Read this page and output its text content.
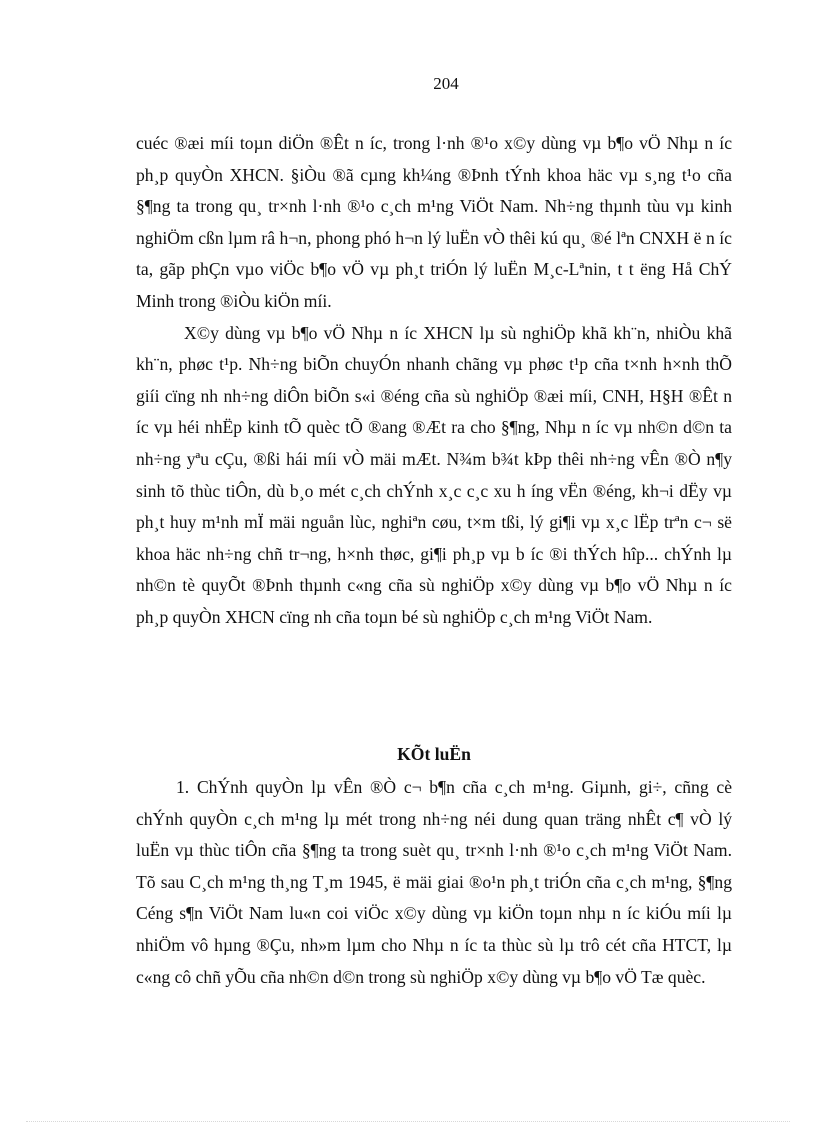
204

cuéc ®æi míi toµn diÖn ®Êt n íc, trong l·nh ®¹o x©y dùng vµ b¶o vÖ Nhµ n íc ph¸p quyÒn XHCN. §iÒu ®ã cµng kh¼ng ®Þnh tÝnh khoa häc vµ s¸ng t¹o cña §¶ng ta trong qu¸ tr×nh l·nh ®¹o c¸ch m¹ng ViÖt Nam. Nh÷ng thµnh tùu vµ kinh nghiÖm cßn lµm râ h¬n, phong phó h¬n lý luËn vÒ thêi kú qu¸ ®é lªn CNXH ë n íc ta, gãp phÇn vµo viÖc b¶o vÖ vµ ph¸t triÓn lý luËn M¸c-Lªnin, t t ëng Hå ChÝ Minh trong ®iÒu kiÖn míi.

X©y dùng vµ b¶o vÖ Nhµ n íc XHCN lµ sù nghiÖp khã kh¨n, nhiÒu khã kh¨n, phøc t¹p. Nh÷ng biÕn chuyÓn nhanh chãng vµ phøc t¹p cña t×nh h×nh thÕ giíi cïng nh nh÷ng diÔn biÕn s«i ®éng cña sù nghiÖp ®æi míi, CNH, H§H ®Êt n íc vµ héi nhËp kinh tÕ quèc tÕ ®ang ®Æt ra cho §¶ng, Nhµ n íc vµ nh©n d©n ta nh÷ng yªu cÇu, ®ßi hái míi vÒ mäi mÆt. N¾m b¾t kÞp thêi nh÷ng vÊn ®Ò n¶y sinh tõ thùc tiÔn, dù b¸o mét c¸ch chÝnh x¸c c¸c xu h íng vËn ®éng, kh¬i dËy vµ ph¸t huy m¹nh mÏ mäi nguån lùc, nghiªn cøu, t×m tßi, lý gi¶i vµ x¸c lËp trªn c¬ së khoa häc nh÷ng chñ tr¬ng, h×nh thøc, gi¶i ph¸p vµ b íc ®i thÝch hîp... chÝnh lµ nh©n tè quyÕt ®Þnh thµnh c«ng cña sù nghiÖp x©y dùng vµ b¶o vÖ Nhµ n íc ph¸p quyÒn XHCN cïng nh cña toµn bé sù nghiÖp c¸ch m¹ng ViÖt Nam.

KÕt luËn

1. ChÝnh quyÒn lµ vÊn ®Ò c¬ b¶n cña c¸ch m¹ng. Giµnh, gi÷, cñng cè chÝnh quyÒn c¸ch m¹ng lµ mét trong nh÷ng néi dung quan träng nhÊt c¶ vÒ lý luËn vµ thùc tiÔn cña §¶ng ta trong suèt qu¸ tr×nh l·nh ®¹o c¸ch m¹ng ViÖt Nam. Tõ sau C¸ch m¹ng th¸ng T¸m 1945, ë mäi giai ®o¹n ph¸t triÓn cña c¸ch m¹ng, §¶ng Céng s¶n ViÖt Nam lu«n coi viÖc x©y dùng vµ kiÖn toµn nhµ n íc kiÓu míi lµ nhiÖm vô hµng ®Çu, nh»m lµm cho Nhµ n íc ta thùc sù lµ trô cét cña HTCT, lµ c«ng cô chñ yÕu cña nh©n d©n trong sù nghiÖp x©y dùng vµ b¶o vÖ Tæ quèc.
